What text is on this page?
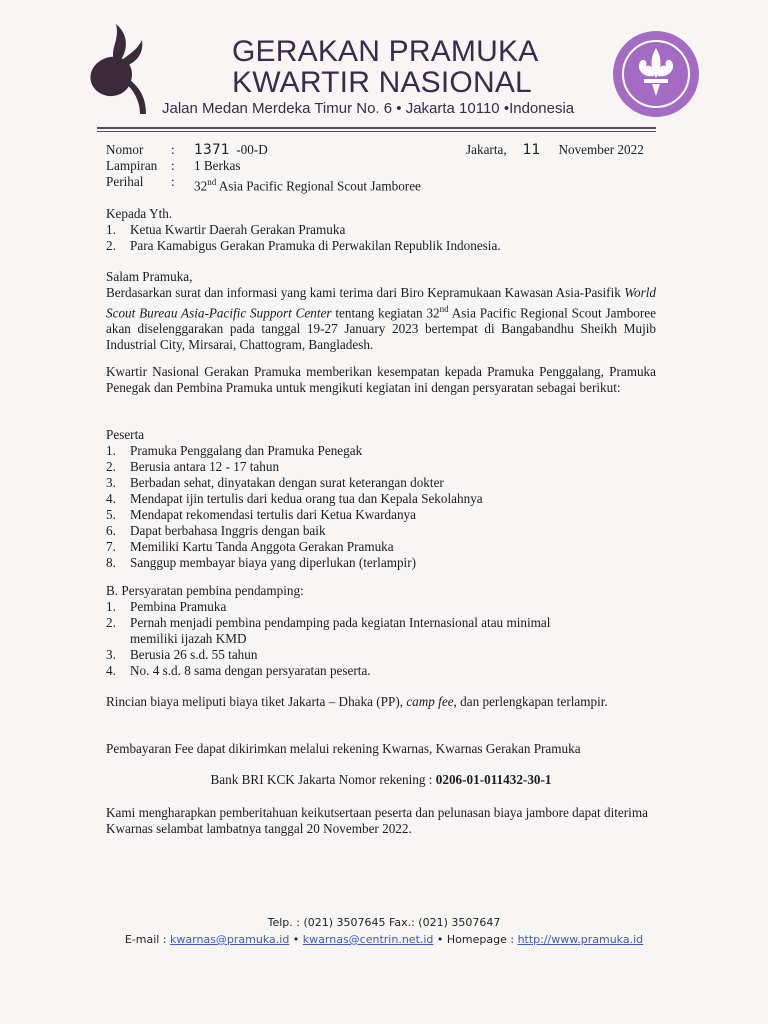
GERAKAN PRAMUKA
KWARTIR NASIONAL
Jalan Medan Merdeka Timur No. 6 • Jakarta 10110 •Indonesia
Nomor : 1371 -00-D
Lampiran : 1 Berkas
Perihal : 32nd Asia Pacific Regional Scout Jamboree
Jakarta, 11 November 2022

Kepada Yth.

1. Ketua Kwartir Daerah Gerakan Pramuka
2. Para Kamabigus Gerakan Pramuka di Perwakilan Republik Indonesia.

Salam Pramuka,

Berdasarkan surat dan informasi yang kami terima dari Biro Kepramukaan Kawasan Asia-Pasifik World Scout Bureau Asia-Pacific Support Center tentang kegiatan 32nd Asia Pacific Regional Scout Jamboree akan diselenggarakan pada tanggal 19-27 January 2023 bertempat di Bangabandhu Sheikh Mujib Industrial City, Mirsarai, Chattogram, Bangladesh.

Kwartir Nasional Gerakan Pramuka memberikan kesempatan kepada Pramuka Penggalang, Pramuka Penegak dan Pembina Pramuka untuk mengikuti kegiatan ini dengan persyaratan sebagai berikut:

Peserta

1. Pramuka Penggalang dan Pramuka Penegak
2. Berusia antara 12 - 17 tahun
3. Berbadan sehat, dinyatakan dengan surat keterangan dokter
4. Mendapat ijin tertulis dari kedua orang tua dan Kepala Sekolahnya
5. Mendapat rekomendasi tertulis dari Ketua Kwardanya
6. Dapat berbahasa Inggris dengan baik
7. Memiliki Kartu Tanda Anggota Gerakan Pramuka
8. Sanggup membayar biaya yang diperlukan (terlampir)

B. Persyaratan pembina pendamping:

1. Pembina Pramuka
2. Pernah menjadi pembina pendamping pada kegiatan Internasional atau minimal memiliki ijazah KMD
3. Berusia 26 s.d. 55 tahun
4. No. 4 s.d. 8 sama dengan persyaratan peserta.
Rincian biaya meliputi biaya tiket Jakarta – Dhaka (PP), camp fee, dan perlengkapan terlampir.
Pembayaran Fee dapat dikirimkan melalui rekening Kwarnas, Kwarnas Gerakan Pramuka
Bank BRI KCK Jakarta Nomor rekening : 0206-01-011432-30-1
Kami mengharapkan pemberitahuan keikutsertaan peserta dan pelunasan biaya jambore dapat diterima Kwarnas selambat lambatnya tanggal 20 November 2022.
Telp. : (021) 3507645 Fax.: (021) 3507647
E-mail : kwarnas@pramuka.id • kwarnas@centrin.net.id • Homepage : http://www.pramuka.id
